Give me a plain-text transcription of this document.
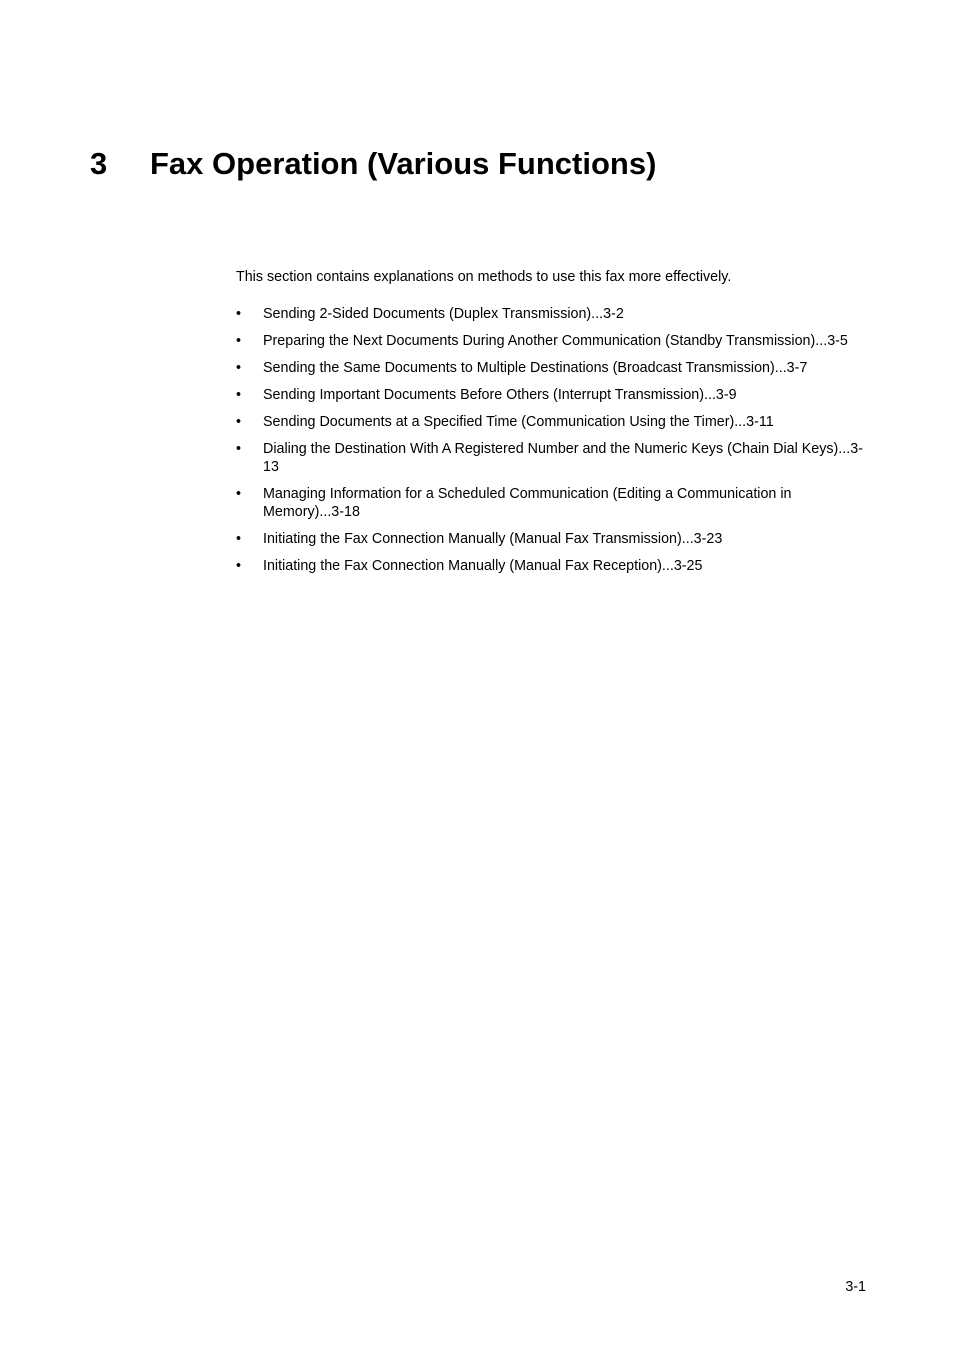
3 Fax Operation (Various Functions)

This section contains explanations on methods to use this fax more effectively.

•	Sending 2-Sided Documents (Duplex Transmission)...3-2
•	Preparing the Next Documents During Another Communication (Standby Transmission)...3-5
•	Sending the Same Documents to Multiple Destinations (Broadcast Transmission)...3-7
•	Sending Important Documents Before Others (Interrupt Transmission)...3-9
•	Sending Documents at a Specified Time (Communication Using the Timer)...3-11
•	Dialing the Destination With A Registered Number and the Numeric Keys (Chain Dial Keys)...3-13
•	Managing Information for a Scheduled Communication (Editing a Communication in Memory)...3-18
•	Initiating the Fax Connection Manually (Manual Fax Transmission)...3-23
•	Initiating the Fax Connection Manually (Manual Fax Reception)...3-25
3-1
